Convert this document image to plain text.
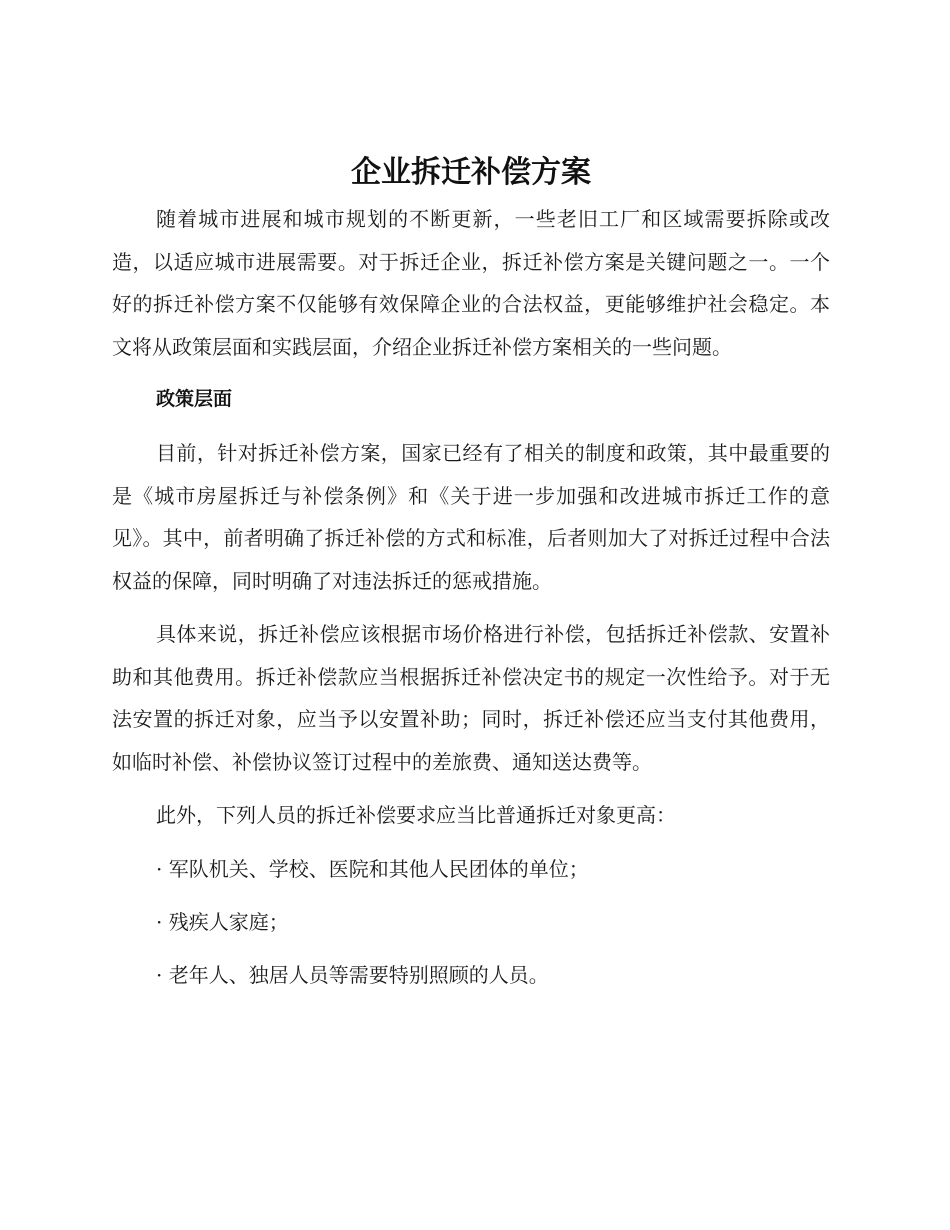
企业拆迁补偿方案

随着城市进展和城市规划的不断更新，一些老旧工厂和区域需要拆除或改造，以适应城市进展需要。对于拆迁企业，拆迁补偿方案是关键问题之一。一个好的拆迁补偿方案不仅能够有效保障企业的合法权益，更能够维护社会稳定。本文将从政策层面和实践层面，介绍企业拆迁补偿方案相关的一些问题。

政策层面

目前，针对拆迁补偿方案，国家已经有了相关的制度和政策，其中最重要的是《城市房屋拆迁与补偿条例》和《关于进一步加强和改进城市拆迁工作的意见》。其中，前者明确了拆迁补偿的方式和标准，后者则加大了对拆迁过程中合法权益的保障，同时明确了对违法拆迁的惩戒措施。

具体来说，拆迁补偿应该根据市场价格进行补偿，包括拆迁补偿款、安置补助和其他费用。拆迁补偿款应当根据拆迁补偿决定书的规定一次性给予。对于无法安置的拆迁对象，应当予以安置补助；同时，拆迁补偿还应当支付其他费用，如临时补偿、补偿协议签订过程中的差旅费、通知送达费等。

此外，下列人员的拆迁补偿要求应当比普通拆迁对象更高：

· 军队机关、学校、医院和其他人民团体的单位；
· 残疾人家庭；
· 老年人、独居人员等需要特别照顾的人员。
